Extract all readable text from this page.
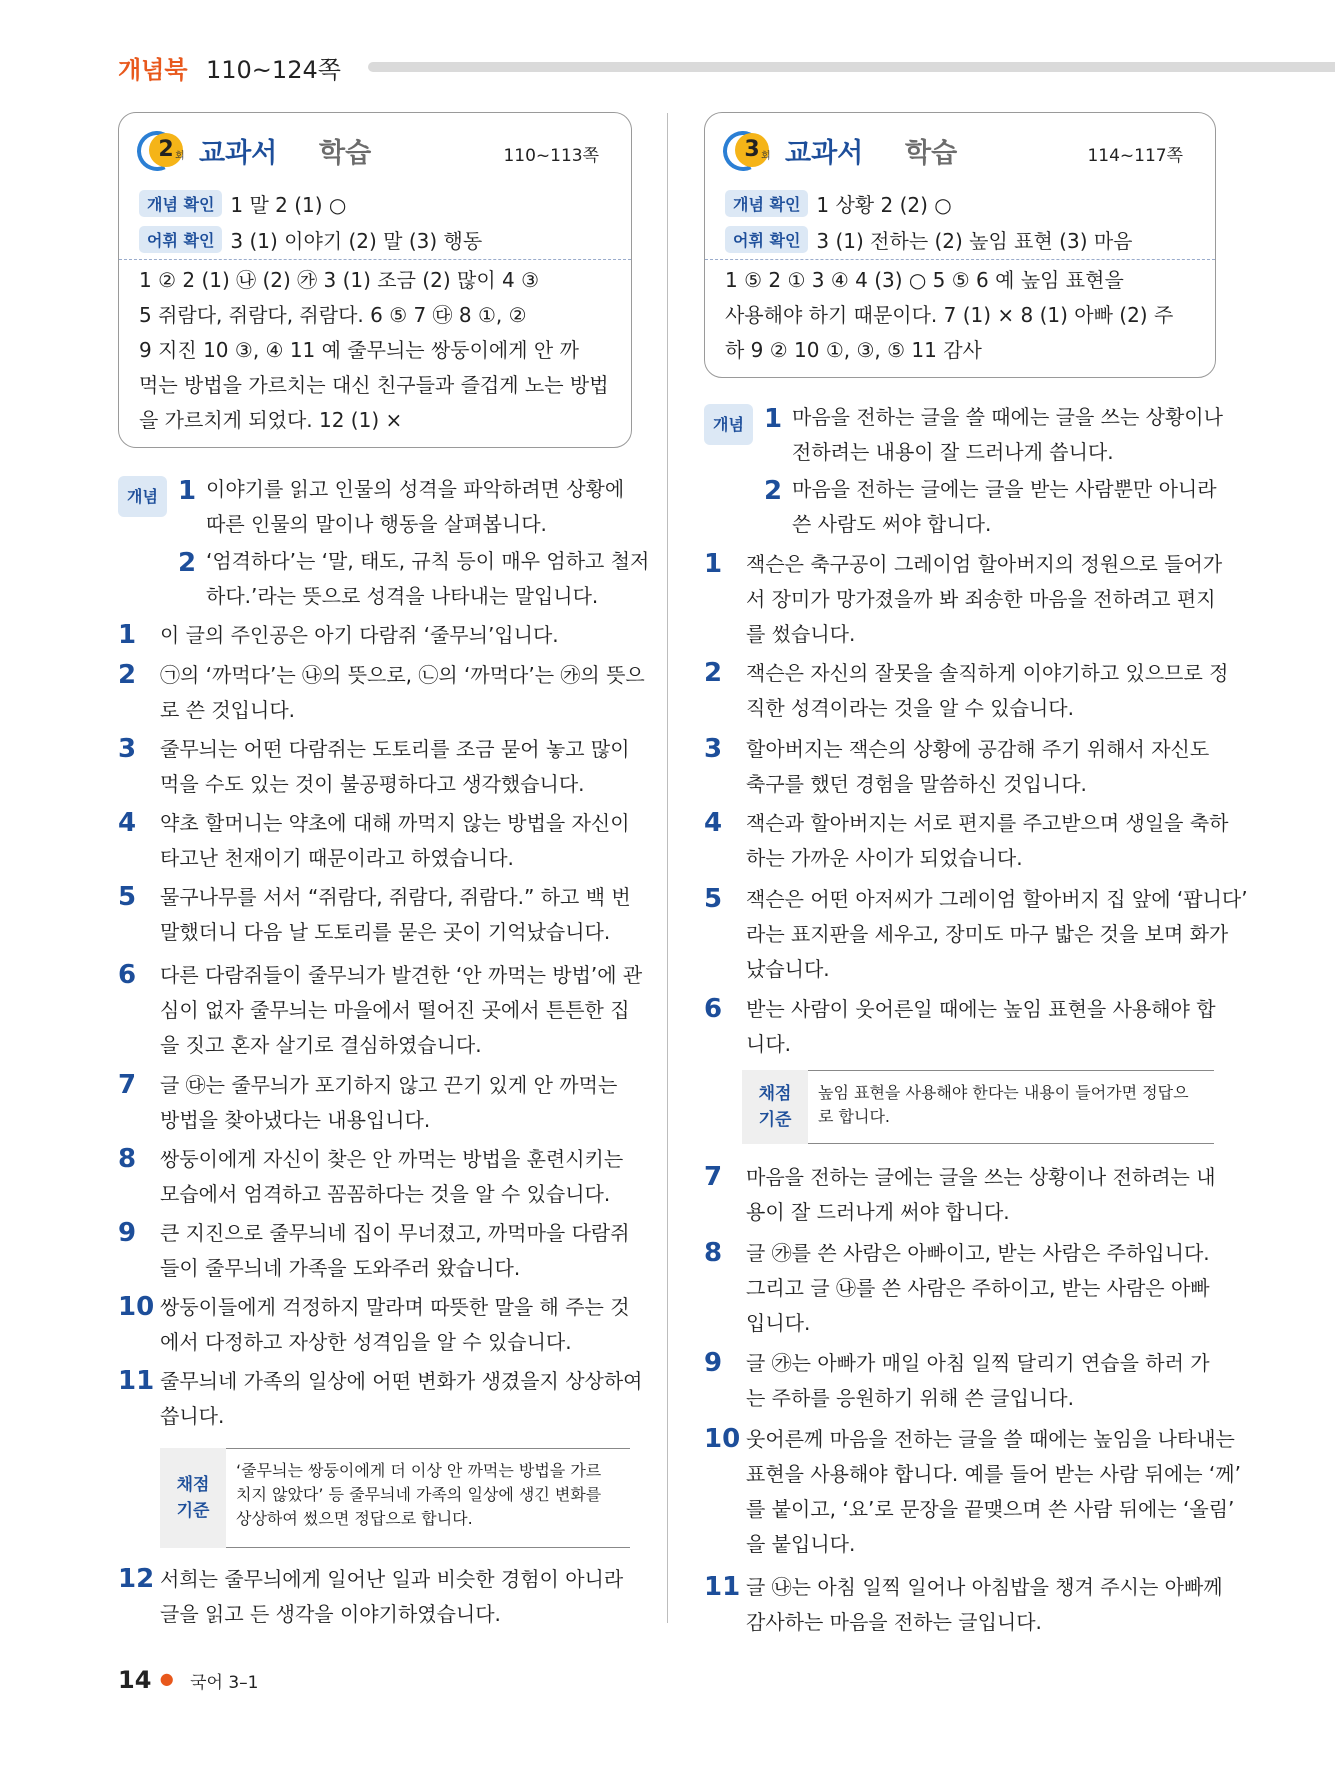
개념북 110~124쪽
2 회 교과서 학습	110~113쪽
개념 확인 1 말 2 (1) ○
어휘 확인 3 (1) 이야기 (2) 말 (3) 행동
1 ② 2 (1) ㉯ (2) ㉮ 3 (1) 조금 (2) 많이 4 ③
5 쥐람다, 쥐람다, 쥐람다. 6 ⑤ 7 ㉰ 8 ①, ②
9 지진 10 ③, ④ 11 예 줄무늬는 쌍둥이에게 안 까
먹는 방법을 가르치는 대신 친구들과 즐겁게 노는 방법
을 가르치게 되었다. 12 (1) ×
3 회 교과서 학습	114~117쪽
개념 확인 1 상황 2 (2) ○
어휘 확인 3 (1) 전하는 (2) 높임 표현 (3) 마음
1 ⑤ 2 ① 3 ④ 4 (3) ○ 5 ⑤ 6 예 높임 표현을
사용해야 하기 때문이다. 7 (1) × 8 (1) 아빠 (2) 주
하 9 ② 10 ①, ③, ⑤ 11 감사
개념 1 이야기를 읽고 인물의 성격을 파악하려면 상황에
따른 인물의 말이나 행동을 살펴봅니다.
2 ‘엄격하다’는 ‘말, 태도, 규칙 등이 매우 엄하고 철저
하다.’라는 뜻으로 성격을 나타내는 말입니다.
1 이 글의 주인공은 아기 다람쥐 ‘줄무늬’입니다.
2 ㉠의 ‘까먹다’는 ㉯의 뜻으로, ㉡의 ‘까먹다’는 ㉮의 뜻으
로 쓴 것입니다.
3 줄무늬는 어떤 다람쥐는 도토리를 조금 묻어 놓고 많이
먹을 수도 있는 것이 불공평하다고 생각했습니다.
4 약초 할머니는 약초에 대해 까먹지 않는 방법을 자신이
타고난 천재이기 때문이라고 하였습니다.
5 물구나무를 서서 “쥐람다, 쥐람다, 쥐람다.” 하고 백 번
말했더니 다음 날 도토리를 묻은 곳이 기억났습니다.
6 다른 다람쥐들이 줄무늬가 발견한 ‘안 까먹는 방법’에 관
심이 없자 줄무늬는 마을에서 떨어진 곳에서 튼튼한 집
을 짓고 혼자 살기로 결심하였습니다.
7 글 ㉰는 줄무늬가 포기하지 않고 끈기 있게 안 까먹는
방법을 찾아냈다는 내용입니다.
8 쌍둥이에게 자신이 찾은 안 까먹는 방법을 훈련시키는
모습에서 엄격하고 꼼꼼하다는 것을 알 수 있습니다.
9 큰 지진으로 줄무늬네 집이 무너졌고, 까먹마을 다람쥐
들이 줄무늬네 가족을 도와주러 왔습니다.
10 쌍둥이들에게 걱정하지 말라며 따뜻한 말을 해 주는 것
에서 다정하고 자상한 성격임을 알 수 있습니다.
11 줄무늬네 가족의 일상에 어떤 변화가 생겼을지 상상하여
씁니다.
12 서희는 줄무늬에게 일어난 일과 비슷한 경험이 아니라
글을 읽고 든 생각을 이야기하였습니다.
채점
기준
‘줄무늬는 쌍둥이에게 더 이상 안 까먹는 방법을 가르
치지 않았다’ 등 줄무늬네 가족의 일상에 생긴 변화를
상상하여 썼으면 정답으로 합니다.
개념 1 마음을 전하는 글을 쓸 때에는 글을 쓰는 상황이나
전하려는 내용이 잘 드러나게 씁니다.
2 마음을 전하는 글에는 글을 받는 사람뿐만 아니라
쓴 사람도 써야 합니다.
1 잭슨은 축구공이 그레이엄 할아버지의 정원으로 들어가
서 장미가 망가졌을까 봐 죄송한 마음을 전하려고 편지
를 썼습니다.
2 잭슨은 자신의 잘못을 솔직하게 이야기하고 있으므로 정
직한 성격이라는 것을 알 수 있습니다.
3 할아버지는 잭슨의 상황에 공감해 주기 위해서 자신도
축구를 했던 경험을 말씀하신 것입니다.
4 잭슨과 할아버지는 서로 편지를 주고받으며 생일을 축하
하는 가까운 사이가 되었습니다.
5 잭슨은 어떤 아저씨가 그레이엄 할아버지 집 앞에 ‘팝니다’
라는 표지판을 세우고, 장미도 마구 밟은 것을 보며 화가
났습니다.
6 받는 사람이 웃어른일 때에는 높임 표현을 사용해야 합
니다.
7 마음을 전하는 글에는 글을 쓰는 상황이나 전하려는 내
용이 잘 드러나게 써야 합니다.
8 글 ㉮를 쓴 사람은 아빠이고, 받는 사람은 주하입니다.
그리고 글 ㉯를 쓴 사람은 주하이고, 받는 사람은 아빠
입니다.
9 글 ㉮는 아빠가 매일 아침 일찍 달리기 연습을 하러 가
는 주하를 응원하기 위해 쓴 글입니다.
10 웃어른께 마음을 전하는 글을 쓸 때에는 높임을 나타내는
표현을 사용해야 합니다. 예를 들어 받는 사람 뒤에는 ‘께’
를 붙이고, ‘요’로 문장을 끝맺으며 쓴 사람 뒤에는 ‘올림’
을 붙입니다.
11 글 ㉯는 아침 일찍 일어나 아침밥을 챙겨 주시는 아빠께
감사하는 마음을 전하는 글입니다.
채점
기준
높임 표현을 사용해야 한다는 내용이 들어가면 정답으
로 합니다.
14 ● 국어 3–1
